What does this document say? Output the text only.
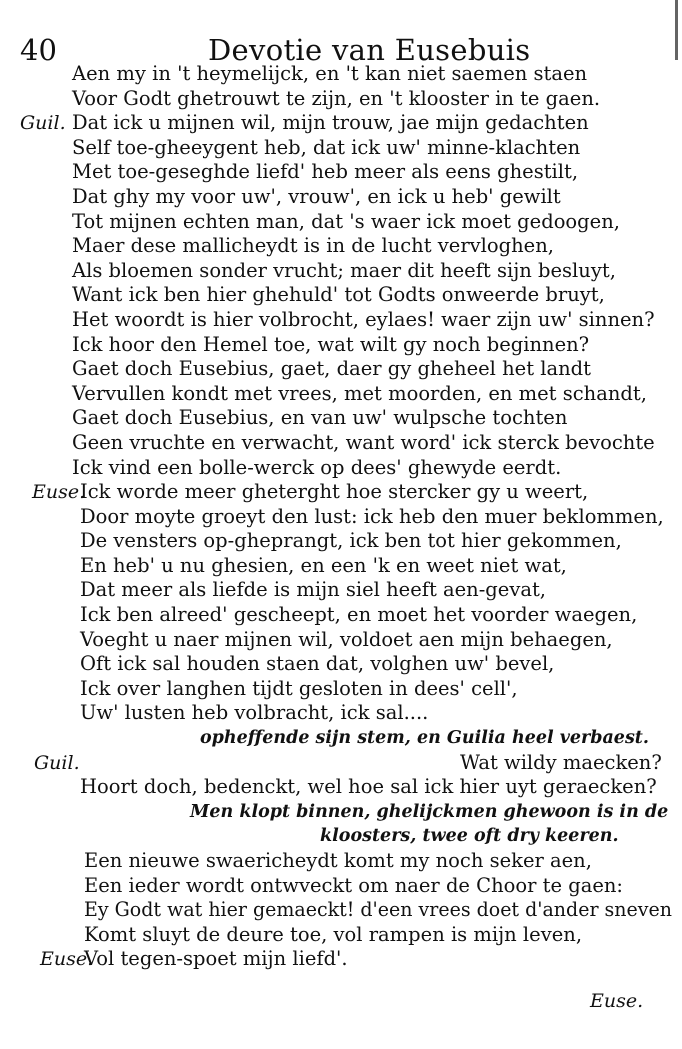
40	Devotie van Eusebuis
Aen my in 't heymelijck, en 't kan niet saemen staen
Voor Godt ghetrouwt te zijn, en 't klooster in te gaen.
Guil. Dat ick u mijnen wil, mijn trouw, jae mijn gedachten
Self toe-gheeygent heb, dat ick uw' minne-klachten
Met toe-geseghde liefd' heb meer als eens ghestilt,
Dat ghy my voor uw', vrouw', en ick u heb' gewilt
Tot mijnen echten man, dat 's waer ick moet gedoogen,
Maer dese mallicheydt is in de lucht vervloghen,
Als bloemen sonder vrucht; maer dit heeft sijn besluyt,
Want ick ben hier ghehuld' tot Godts onweerde bruyt,
Het woordt is hier volbrocht, eylaes! waer zijn uw' sinnen?
Ick hoor den Hemel toe, wat wilt gy noch beginnen?
Gaet doch Eusebius, gaet, daer gy gheheel het landt
Vervullen kondt met vrees, met moorden, en met schandt,
Gaet doch Eusebius, en van uw' wulpsche tochten
Geen vruchte en verwacht, want word' ick sterck bevochte
Ick vind een bolle-werck op dees' ghewyde eerdt.
Euse.
Ick worde meer gheterght hoe stercker gy u weert,
Door moyte groeyt den lust: ick heb den muer beklommen,
De vensters op-gheprangt, ick ben tot hier gekommen,
En heb' u nu ghesien, en een 'k en weet niet wat,
Dat meer als liefde is mijn siel heeft aen-gevat,
Ick ben alreed' gescheept, en moet het voorder waegen,
Voeght u naer mijnen wil, voldoet aen mijn behaegen,
Oft ick sal houden staen dat, volghen uw' bevel,
Ick over langhen tijdt gesloten in dees' cell',
Uw' lusten heb volbracht, ick sal....
opheffende sijn stem, en Guilia heel verbaest.
Guil.	Wat wildy maecken?
Hoort doch, bedenckt, wel hoe sal ick hier uyt geraecken?
Men klopt binnen, ghelijckmen ghewoon is in de
kloosters, twee oft dry keeren.
Een nieuwe swaericheydt komt my noch seker aen,
Een ieder wordt ontwveckt om naer de Choor te gaen:
Ey Godt wat hier gemaeckt! d'een vrees doet d'ander sneven
Komt sluyt de deure toe, vol rampen is mijn leven,
Euse.
Vol tegen-spoet mijn liefd'.
Euse.
